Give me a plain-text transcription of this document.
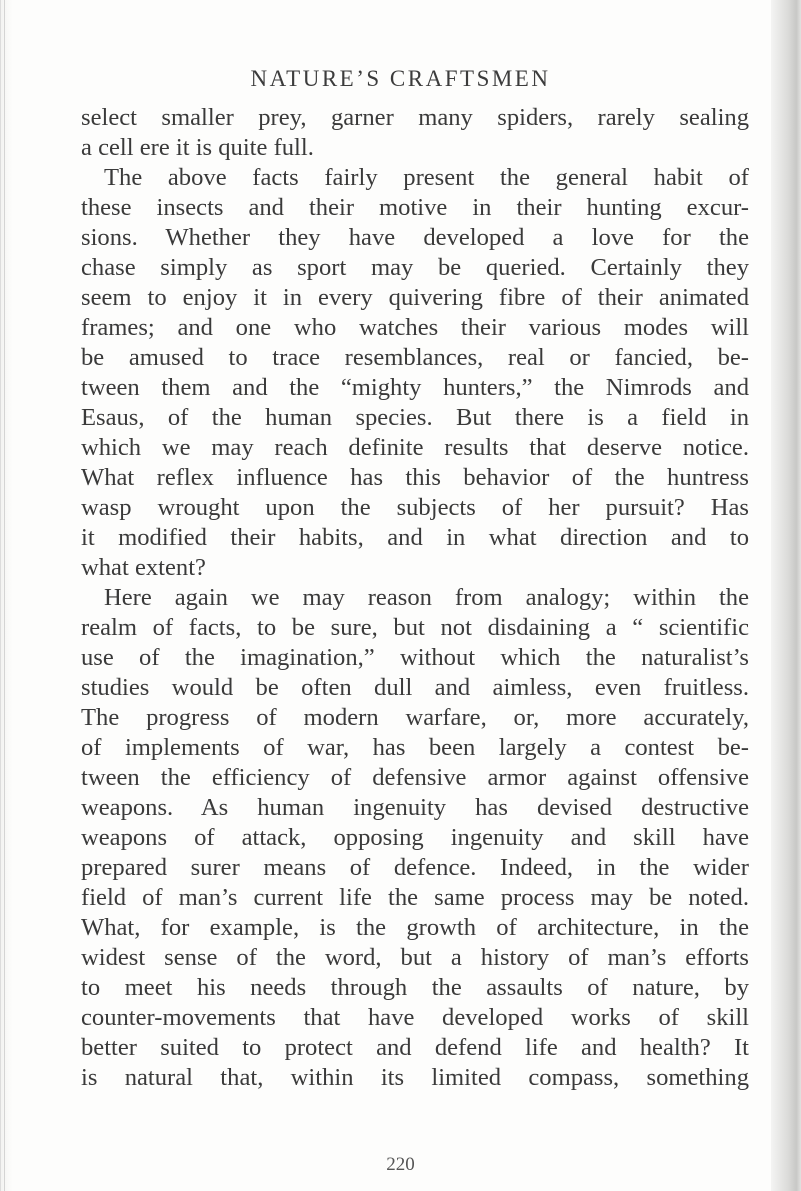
NATURE’S CRAFTSMEN
select smaller prey, garner many spiders, rarely sealing
a cell ere it is quite full.
The above facts fairly present the general habit of
these insects and their motive in their hunting excur-
sions. Whether they have developed a love for the
chase simply as sport may be queried. Certainly they
seem to enjoy it in every quivering fibre of their animated
frames; and one who watches their various modes will
be amused to trace resemblances, real or fancied, be-
tween them and the “mighty hunters,” the Nimrods and
Esaus, of the human species. But there is a field in
which we may reach definite results that deserve notice.
What reflex influence has this behavior of the huntress
wasp wrought upon the subjects of her pursuit? Has
it modified their habits, and in what direction and to
what extent?
Here again we may reason from analogy; within the
realm of facts, to be sure, but not disdaining a “ scientific
use of the imagination,” without which the naturalist’s
studies would be often dull and aimless, even fruitless.
The progress of modern warfare, or, more accurately,
of implements of war, has been largely a contest be-
tween the efficiency of defensive armor against offensive
weapons. As human ingenuity has devised destructive
weapons of attack, opposing ingenuity and skill have
prepared surer means of defence. Indeed, in the wider
field of man’s current life the same process may be noted.
What, for example, is the growth of architecture, in the
widest sense of the word, but a history of man’s efforts
to meet his needs through the assaults of nature, by
counter-movements that have developed works of skill
better suited to protect and defend life and health? It
is natural that, within its limited compass, something
220
